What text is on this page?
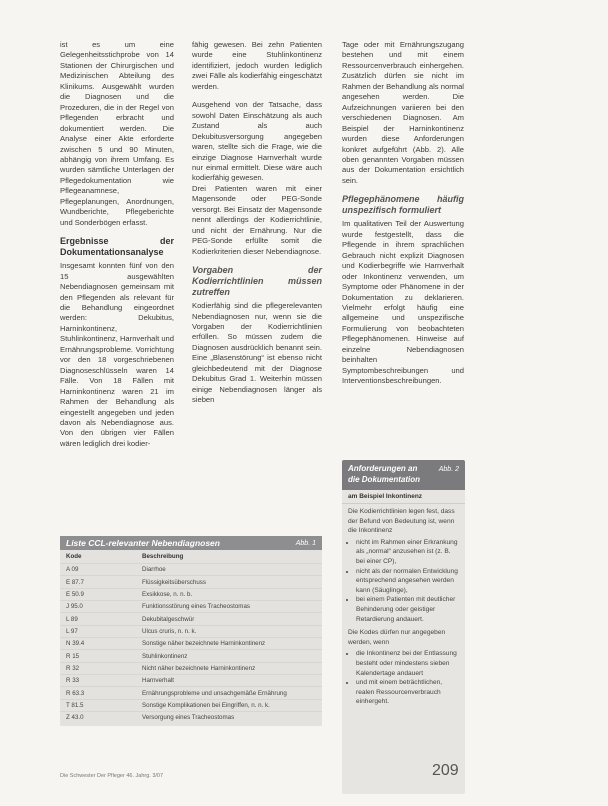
ist es um eine Gelegenheitsstichprobe von 14 Stationen der Chirurgischen und Medizinischen Abteilung des Klinikums. Ausgewählt wurden die Diagnosen und die Prozeduren, die in der Regel von Pflegenden erbracht und dokumentiert werden. Die Analyse einer Akte erforderte zwischen 5 und 90 Minuten, abhängig von ihrem Umfang. Es wurden sämtliche Unterlagen der Pflegedokumentation wie Pflegeanamnese, Pflegeplanungen, Anordnungen, Wundberichte, Pflegeberichte und Sonderbögen erfasst.

Ergebnisse der Dokumentationsanalyse

Insgesamt konnten fünf von den 15 ausgewählten Nebendiagnosen gemeinsam mit den Pflegenden als relevant für die Behandlung eingeordnet werden: Dekubitus, Harninkontinenz, Stuhlinkontinenz, Harnverhalt und Ernährungsprobleme. Vorrichtung vor den 18 vorgeschriebenen Diagnoseschlüsseln waren 14 Fälle. Von 18 Fällen mit Harninkontinenz waren 21 im Rahmen der Behandlung als eingestellt angegeben und jeden davon als Nebendiagnose aus. Von den übrigen vier Fällen wären lediglich drei kodier-

fähig gewesen. Bei zehn Patienten wurde eine Stuhlinkontinenz identifiziert, jedoch wurden lediglich zwei Fälle als kodierfähig eingeschätzt werden.

Ausgehend von der Tatsache, dass sowohl Daten Einschätzung als auch Zustand als auch Dekubitusversorgung angegeben waren, stellte sich die Frage, wie die einzige Diagnose Harnverhalt wurde nur einmal ermittelt. Diese wäre auch kodierfähig gewesen.

Drei Patienten waren mit einer Magensonde oder PEG-Sonde versorgt. Bei Einsatz der Magensonde nennt allerdings der Kodierrichtlinie, und nicht der Ernährung. Nur die PEG-Sonde erfüllte somit die Kodierkriterien dieser Nebendiagnose.

Vorgaben der Kodierrichtlinien müssen zutreffen

Kodierfähig sind die pflegerelevanten Nebendiagnosen nur, wenn sie die Vorgaben der Kodierrichtlinien erfüllen. So müssen zudem die Diagnosen ausdrücklich benannt sein. Eine „Blasenstörung“ ist ebenso nicht gleichbedeutend mit der Diagnose Dekubitus Grad 1. Weiterhin müssen einige Nebendiagnosen länger als sieben

Tage oder mit Ernährungszugang bestehen und mit einem Ressourcenverbrauch einhergehen. Zusätzlich dürfen sie nicht im Rahmen der Behandlung als normal angesehen werden. Die Aufzeichnungen variieren bei den verschiedenen Diagnosen. Am Beispiel der Harninkontinenz wurden diese Anforderungen konkret aufgeführt (Abb. 2). Alle oben genannten Vorgaben müssen aus der Dokumentation ersichtlich sein.

Pflegephänomene häufig unspezifisch formuliert

Im qualitativen Teil der Auswertung wurde festgestellt, dass die Pflegende in ihrem sprachlichen Gebrauch nicht explizit Diagnosen und Kodierbegriffe wie Harnverhalt oder Inkontinenz verwenden, um Symptome oder Phänomene in der Dokumentation zu deklarieren. Vielmehr erfolgt häufig eine allgemeine und unspezifische Formulierung von beobachteten Pflegephänomenen. Hinweise auf einzelne Nebendiagnosen beinhalten Symptombeschreibungen und Interventionsbeschreibungen.

Liste CCL-relevanter Nebendiagnosen	Abb. 1
Kode	Beschreibung
A 09	Diarrhoe
E 87.7	Flüssigkeitsüberschuss
E 50.9	Exsikkose, n. n. b.
J 95.0	Funktionsstörung eines Tracheostomas
L 89	Dekubitalgeschwür
L 97	Ulcus cruris, n. n. k.
N 39.4	Sonstige näher bezeichnete Harninkontinenz
R 15	Stuhlinkontinenz
R 32	Nicht näher bezeichnete Harninkontinenz
R 33	Harnverhalt
R 63.3	Ernährungsprobleme und unsachgemäße Ernährung
T 81.5	Sonstige Komplikationen bei Eingriffen, n. n. k.
Z 43.0	Versorgung eines Tracheostomas
Anforderungen an
die Dokumentation
Abb. 2
am Beispiel Inkontinenz

Die Kodierrichtlinien legen fest, dass der Befund von Bedeutung ist, wenn die Inkontinenz

• nicht im Rahmen einer Erkrankung als „normal“ anzusehen ist (z. B. bei einer CP),
• nicht als der normalen Entwicklung entsprechend angesehen werden kann (Säuglinge),
• bei einem Patienten mit deutlicher Behinderung oder geistiger Retardierung andauert.

Die Kodes dürfen nur angegeben werden, wenn

• die Inkontinenz bei der Entlassung besteht oder mindestens sieben Kalendertage andauert
• und mit einem beträchtlichen, realen Ressourcenverbrauch einhergeht.
Die Schwester Der Pfleger 46. Jahrg. 3/07	209
